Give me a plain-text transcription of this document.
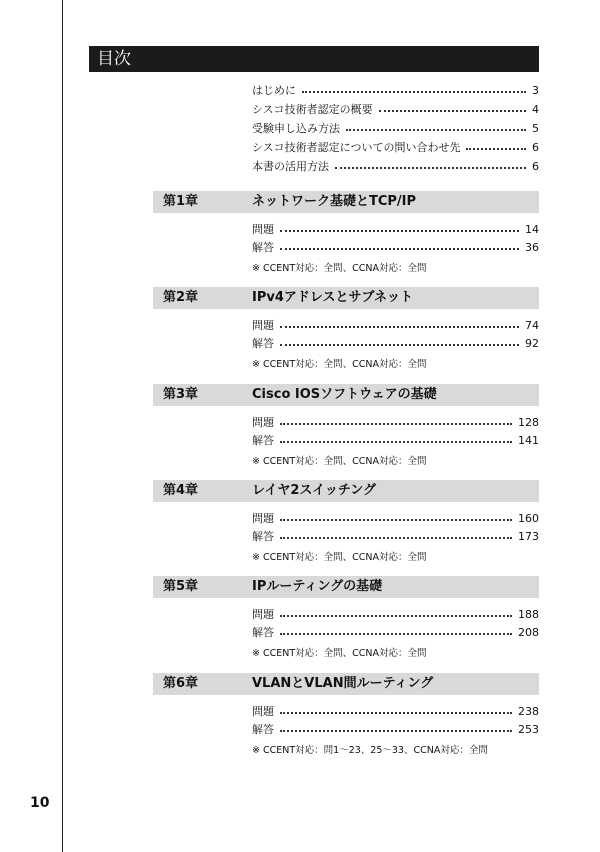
10
目次
はじめに	3
シスコ技術者認定の概要	4
受験申し込み方法	5
シスコ技術者認定についての問い合わせ先	6
本書の活用方法	6
第1章	ネットワーク基礎とTCP/IP
問題	14
解答	36
※ CCENT対応：全問、CCNA対応：全問
第2章	IPv4アドレスとサブネット
問題	74
解答	92
※ CCENT対応：全問、CCNA対応：全問
第3章	Cisco IOSソフトウェアの基礎
問題	128
解答	141
※ CCENT対応：全問、CCNA対応：全問
第4章	レイヤ2スイッチング
問題	160
解答	173
※ CCENT対応：全問、CCNA対応：全問
第5章	IPルーティングの基礎
問題	188
解答	208
※ CCENT対応：全問、CCNA対応：全問
第6章	VLANとVLAN間ルーティング
問題	238
解答	253
※ CCENT対応：問1～23、25～33、CCNA対応：全問
